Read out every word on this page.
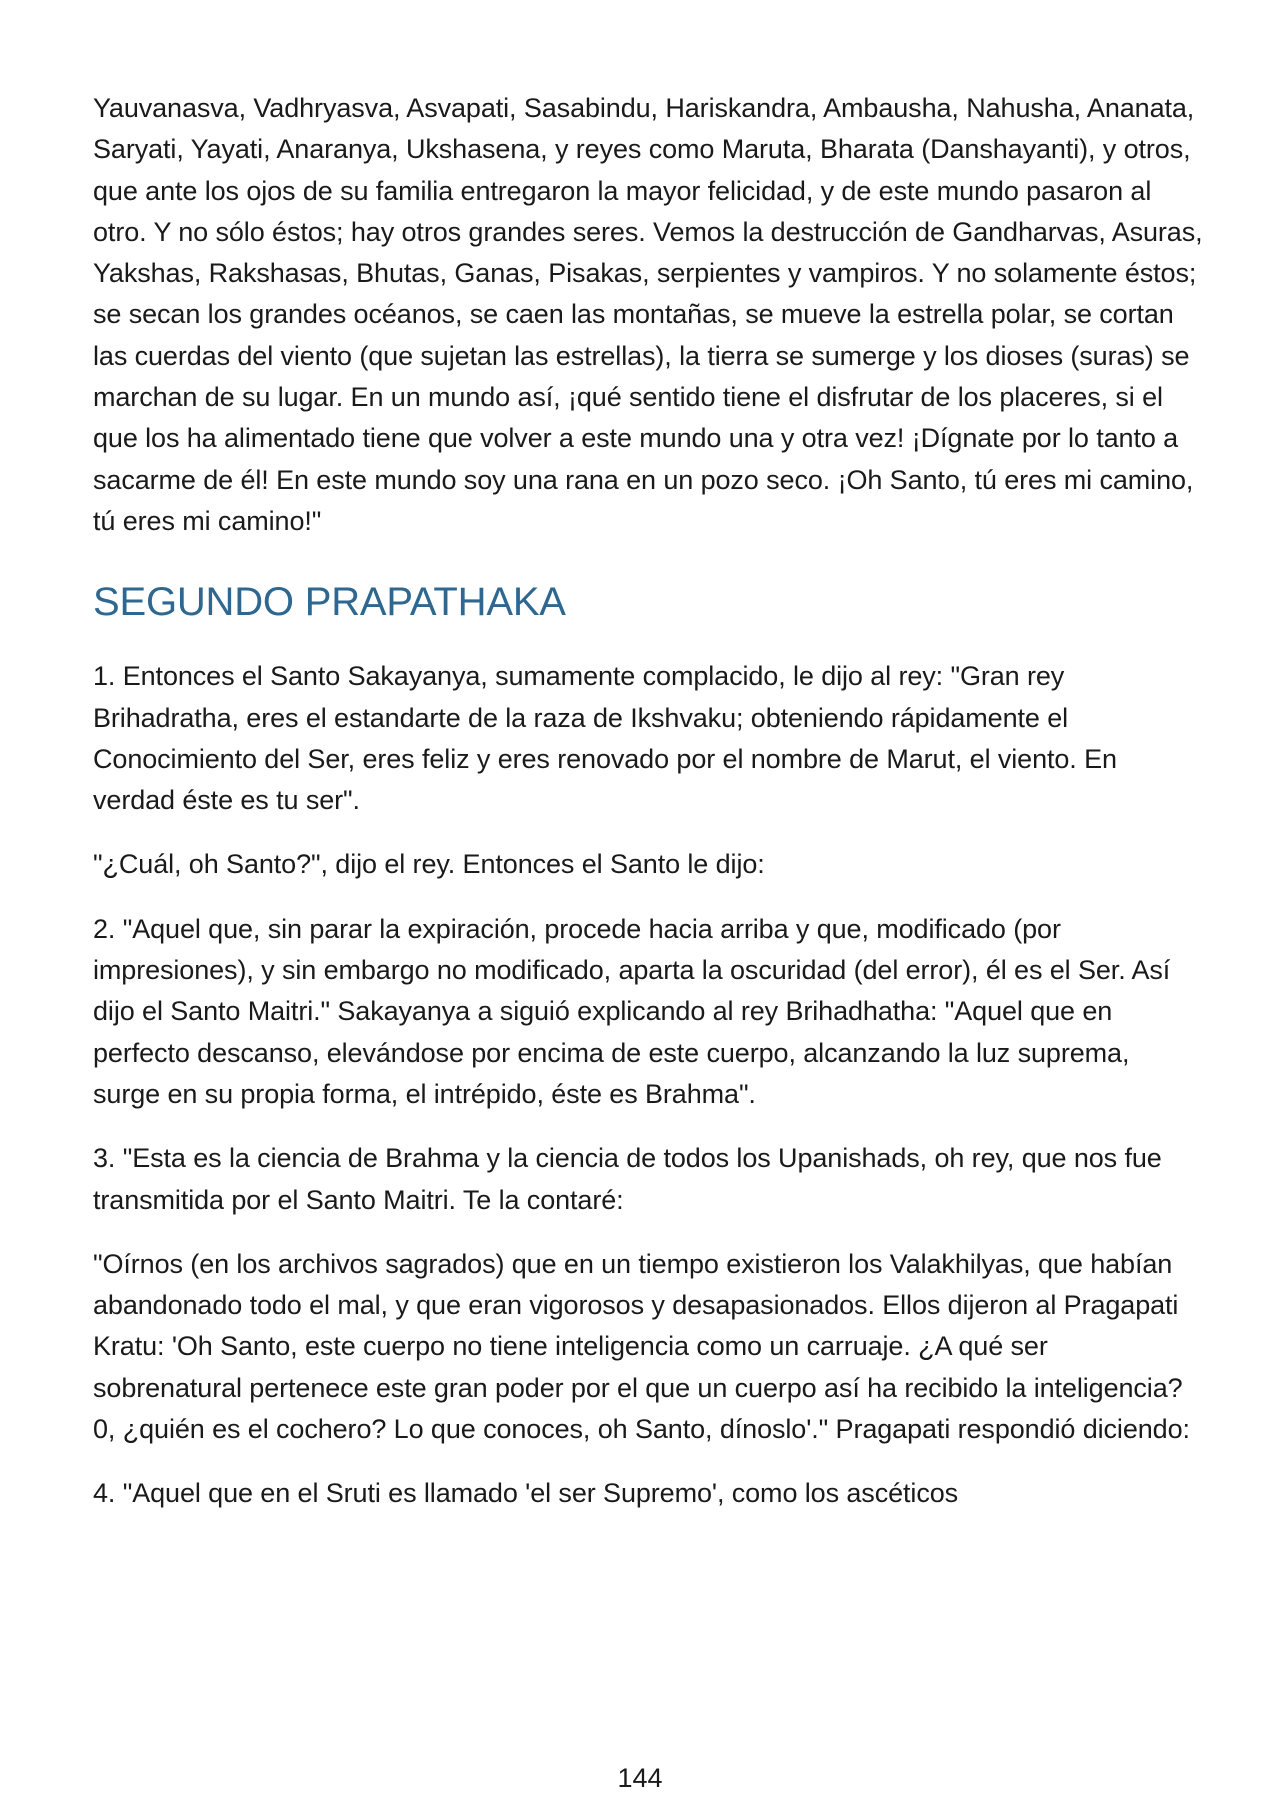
Yauvanasva, Vadhryasva, Asvapati, Sasabindu, Hariskandra, Ambausha, Nahusha, Ananata, Saryati, Yayati, Anaranya, Ukshasena, y reyes como Maruta, Bharata (Danshayanti), y otros, que ante los ojos de su familia entregaron la mayor felicidad, y de este mundo pasaron al otro. Y no sólo éstos; hay otros grandes seres. Vemos la destrucción de Gandharvas, Asuras, Yakshas, Rakshasas, Bhutas, Ganas, Pisakas, serpientes y vampiros. Y no solamente éstos; se secan los grandes océanos, se caen las montañas, se mueve la estrella polar, se cortan las cuerdas del viento (que sujetan las estrellas), la tierra se sumerge y los dioses (suras) se marchan de su lugar. En un mundo así, ¡qué sentido tiene el disfrutar de los placeres, si el que los ha alimentado tiene que volver a este mundo una y otra vez! ¡Dígnate por lo tanto a sacarme de él! En este mundo soy una rana en un pozo seco. ¡Oh Santo, tú eres mi camino, tú eres mi camino!"

SEGUNDO PRAPATHAKA

1. Entonces el Santo Sakayanya, sumamente complacido, le dijo al rey: "Gran rey Brihadratha, eres el estandarte de la raza de Ikshvaku; obteniendo rápidamente el Conocimiento del Ser, eres feliz y eres renovado por el nombre de Marut, el viento. En verdad éste es tu ser".

"¿Cuál, oh Santo?", dijo el rey. Entonces el Santo le dijo:

2. "Aquel que, sin parar la expiración, procede hacia arriba y que, modificado (por impresiones), y sin embargo no modificado, aparta la oscuridad (del error), él es el Ser. Así dijo el Santo Maitri." Sakayanya a siguió explicando al rey Brihadhatha: "Aquel que en perfecto descanso, elevándose por encima de este cuerpo, alcanzando la luz suprema, surge en su propia forma, el intrépido, éste es Brahma".

3. "Esta es la ciencia de Brahma y la ciencia de todos los Upanishads, oh rey, que nos fue transmitida por el Santo Maitri. Te la contaré:

"Oírnos (en los archivos sagrados) que en un tiempo existieron los Valakhilyas, que habían abandonado todo el mal, y que eran vigorosos y desapasionados. Ellos dijeron al Pragapati Kratu: 'Oh Santo, este cuerpo no tiene inteligencia como un carruaje. ¿A qué ser sobrenatural pertenece este gran poder por el que un cuerpo así ha recibido la inteligencia? 0, ¿quién es el cochero? Lo que conoces, oh Santo, dínoslo'." Pragapati respondió diciendo:

4. "Aquel que en el Sruti es llamado 'el ser Supremo', como los ascéticos

144
